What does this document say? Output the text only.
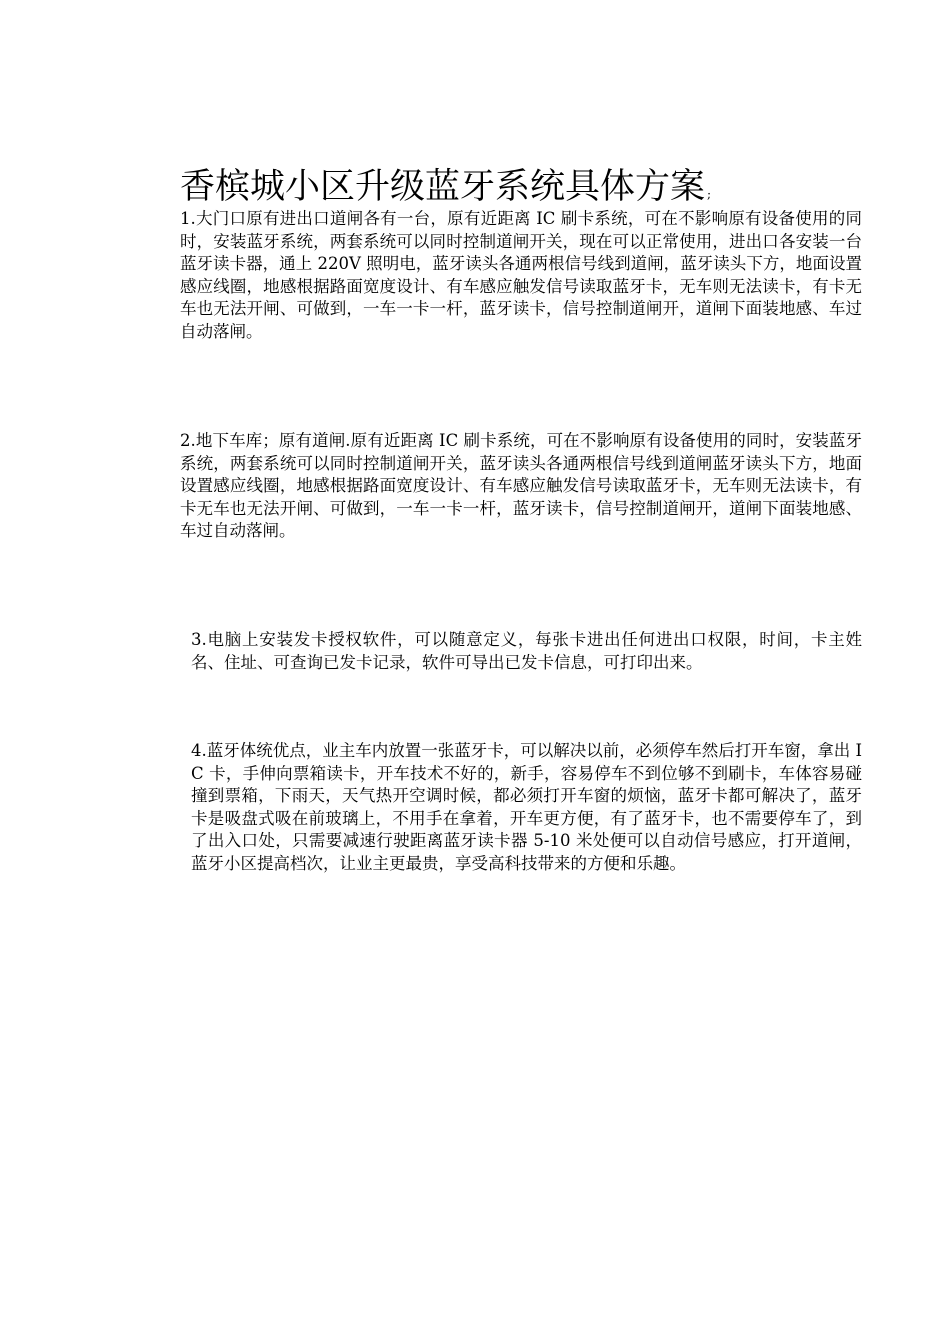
香槟城小区升级蓝牙系统具体方案 ;

1.大门口原有进出口道闸各有一台，原有近距离 IC 刷卡系统，可在不影响原有设备使用的同时，安装蓝牙系统，两套系统可以同时控制道闸开关，现在可以正常使用，进出口各安装一台蓝牙读卡器，通上 220V 照明电，蓝牙读头各通两根信号线到道闸，蓝牙读头下方，地面设置感应线圈，地感根据路面宽度设计、有车感应触发信号读取蓝牙卡，无车则无法读卡，有卡无车也无法开闸、可做到，一车一卡一杆，蓝牙读卡，信号控制道闸开，道闸下面装地感、车过自动落闸。

2.地下车库；原有道闸.原有近距离 IC 刷卡系统，可在不影响原有设备使用的同时，安装蓝牙系统，两套系统可以同时控制道闸开关，蓝牙读头各通两根信号线到道闸蓝牙读头下方，地面设置感应线圈，地感根据路面宽度设计、有车感应触发信号读取蓝牙卡，无车则无法读卡，有卡无车也无法开闸、可做到，一车一卡一杆，蓝牙读卡，信号控制道闸开，道闸下面装地感、车过自动落闸。

3.电脑上安装发卡授权软件，可以随意定义，每张卡进出任何进出口权限，时间，卡主姓名、住址、可查询已发卡记录，软件可导出已发卡信息，可打印出来。

4.蓝牙体统优点，业主车内放置一张蓝牙卡，可以解决以前，必须停车然后打开车窗，拿出 IC 卡，手伸向票箱读卡，开车技术不好的，新手，容易停车不到位够不到刷卡，车体容易碰撞到票箱，下雨天，天气热开空调时候，都必须打开车窗的烦恼，蓝牙卡都可解决了，蓝牙卡是吸盘式吸在前玻璃上，不用手在拿着，开车更方便，有了蓝牙卡，也不需要停车了，到了出入口处，只需要减速行驶距离蓝牙读卡器 5-10 米处便可以自动信号感应，打开道闸，蓝牙小区提高档次，让业主更最贵，享受高科技带来的方便和乐趣。
